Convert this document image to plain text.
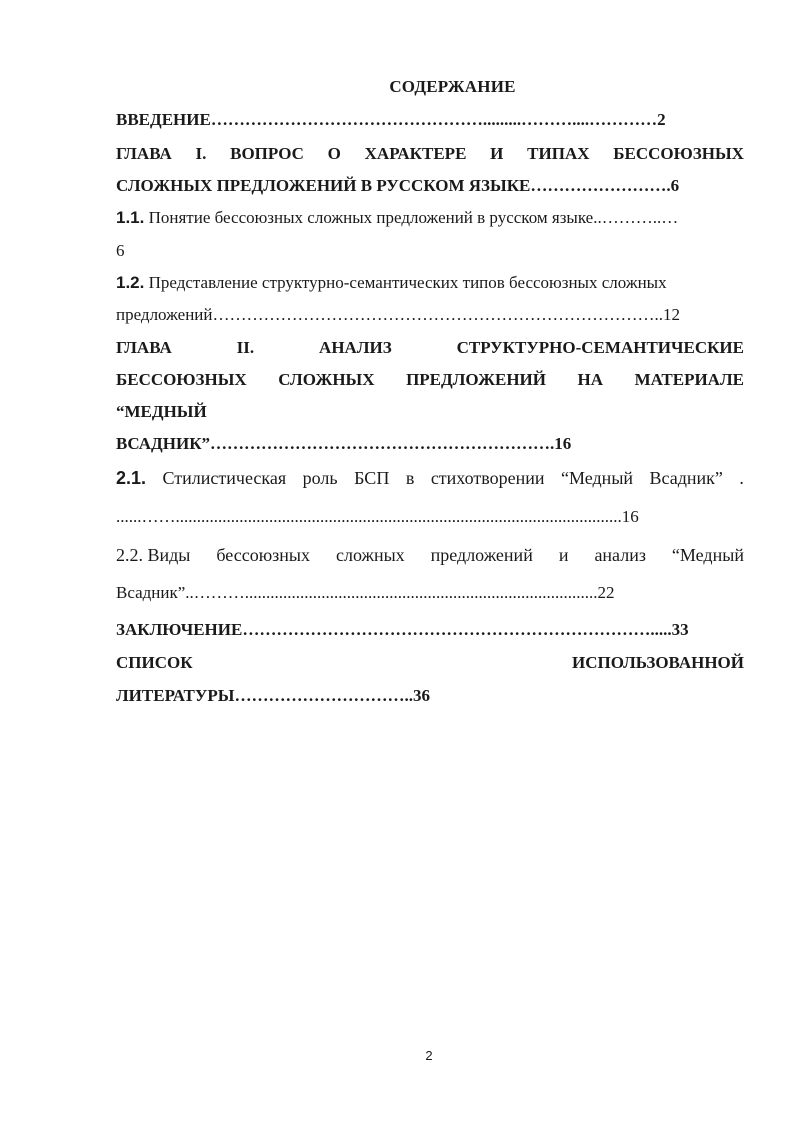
СОДЕРЖАНИЕ
ВВЕДЕНИЕ………………………………………….........………....…………2
ГЛАВА I. ВОПРОС О ХАРАКТЕРЕ И ТИПАХ БЕССОЮЗНЫХ
СЛОЖНЫХ ПРЕДЛОЖЕНИЙ В РУССКОМ ЯЗЫКЕ…………………….6
1.1. Понятие бессоюзных сложных предложений в русском языке..………..…
6
1.2. Представление структурно-семантических типов бессоюзных сложных
предложений……………………………………………………………………..12
ГЛАВА	II.	АНАЛИЗ	СТРУКТУРНО-СЕМАНТИЧЕСКИЕ
БЕССОЮЗНЫХ СЛОЖНЫХ ПРЕДЛОЖЕНИЙ НА МАТЕРИАЛЕ
“МЕДНЫЙ
ВСАДНИК”…………………………………………………….16
2.1. Стилистическая роль БСП в стихотворении “Медный Всадник” .
......…….........................................................................................................16
2.2. Виды бессоюзных сложных предложений и анализ “Медный
Всадник”..………...................................................................................22
ЗАКЛЮЧЕНИЕ……………………………………………………………….....33
СПИСОК	ИСПОЛЬЗОВАННОЙ
ЛИТЕРАТУРЫ…………………………..36
2
